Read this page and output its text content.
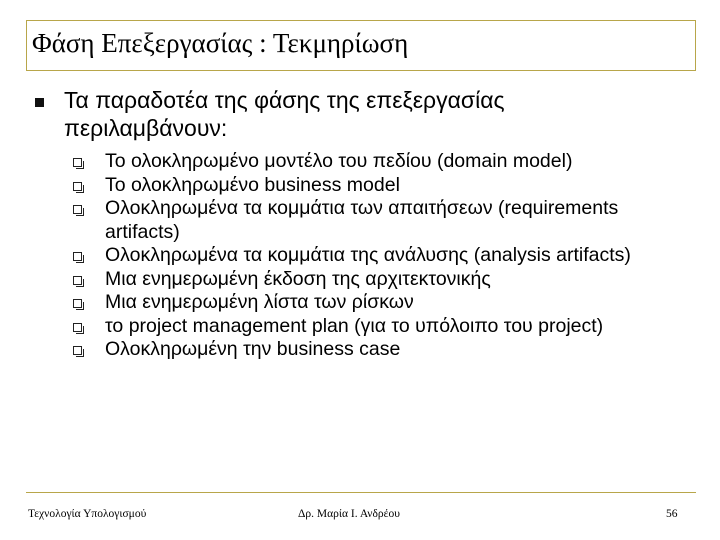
Φάση Επεξεργασίας : Τεκμηρίωση
Τα παραδοτέα της φάσης της επεξεργασίας περιλαμβάνουν:
Το ολοκληρωμένο μοντέλο του πεδίου (domain model)
Το ολοκληρωμένο business model
Ολοκληρωμένα τα κομμάτια των απαιτήσεων (requirements artifacts)
Ολοκληρωμένα τα κομμάτια της ανάλυσης (analysis artifacts)
Μια ενημερωμένη έκδοση της αρχιτεκτονικής
Μια ενημερωμένη λίστα των ρίσκων
το project management plan (για το υπόλοιπο του project)
Ολοκληρωμένη την business case
Τεχνολογία Υπολογισμού	Δρ. Μαρία Ι. Ανδρέου	56
